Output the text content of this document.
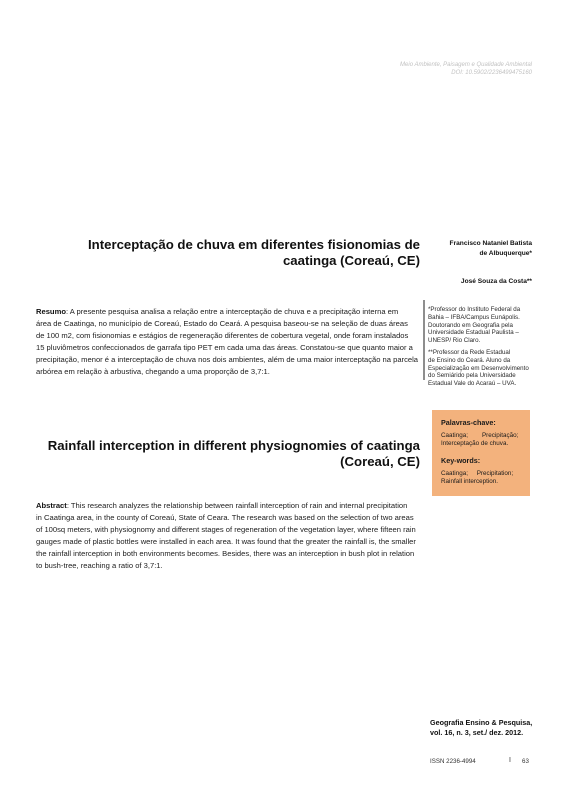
Meio Ambiente, Paisagem e Qualidade Ambiental
DOI: 10.5902/2236499475160
Interceptação de chuva em diferentes fisionomias de
caatinga (Coreaú, CE)
Francisco Nataniel Batista
de Albuquerque*
José Souza da Costa**
*Professor do Instituto Federal da
Bahia – IFBA/Campus Eunápolis.
Doutorando em Geografia pela
Universidade Estadual Paulista –
UNESP/ Rio Claro.
**Professor da Rede Estadual
de Ensino do Ceará. Aluno da
Especialização em Desenvolvimento
do Semiárido pela Universidade
Estadual Vale do Acaraú – UVA.
Resumo: A presente pesquisa analisa a relação entre a interceptação de chuva e a precipitação interna em
área de Caatinga, no município de Coreaú, Estado do Ceará. A pesquisa baseou-se na seleção de duas áreas
de 100 m2, com fisionomias e estágios de regeneração diferentes de cobertura vegetal, onde foram instalados
15 pluviômetros confeccionados de garrafa tipo PET em cada uma das áreas. Constatou-se que quanto maior a
precipitação, menor é a interceptação de chuva nos dois ambientes, além de uma maior interceptação na parcela
arbórea em relação à arbustiva, chegando a uma proporção de 3,7:1.
Palavras-chave:
Caatinga;        Precipitação;
Interceptação de chuva.
Key-words:
Caatinga;     Precipitation;
Rainfall interception.
Rainfall interception in different physiognomies of caatinga
(Coreaú, CE)
Abstract: This research analyzes the relationship between rainfall interception of rain and internal precipitation
in Caatinga area, in the county of Coreaú, State of Ceara. The research was based on the selection of two areas
of 100sq meters, with physiognomy and different stages of regeneration of the vegetation layer, where fifteen rain
gauges made of plastic bottles were installed in each area. It was found that the greater the rainfall is, the smaller
the rainfall interception in both environments becomes. Besides, there was an interception in bush plot in relation
to bush-tree, reaching a ratio of 3,7:1.
Geografia Ensino & Pesquisa,
vol. 16, n. 3, set./ dez. 2012.
ISSN 2236-4994	I 63
